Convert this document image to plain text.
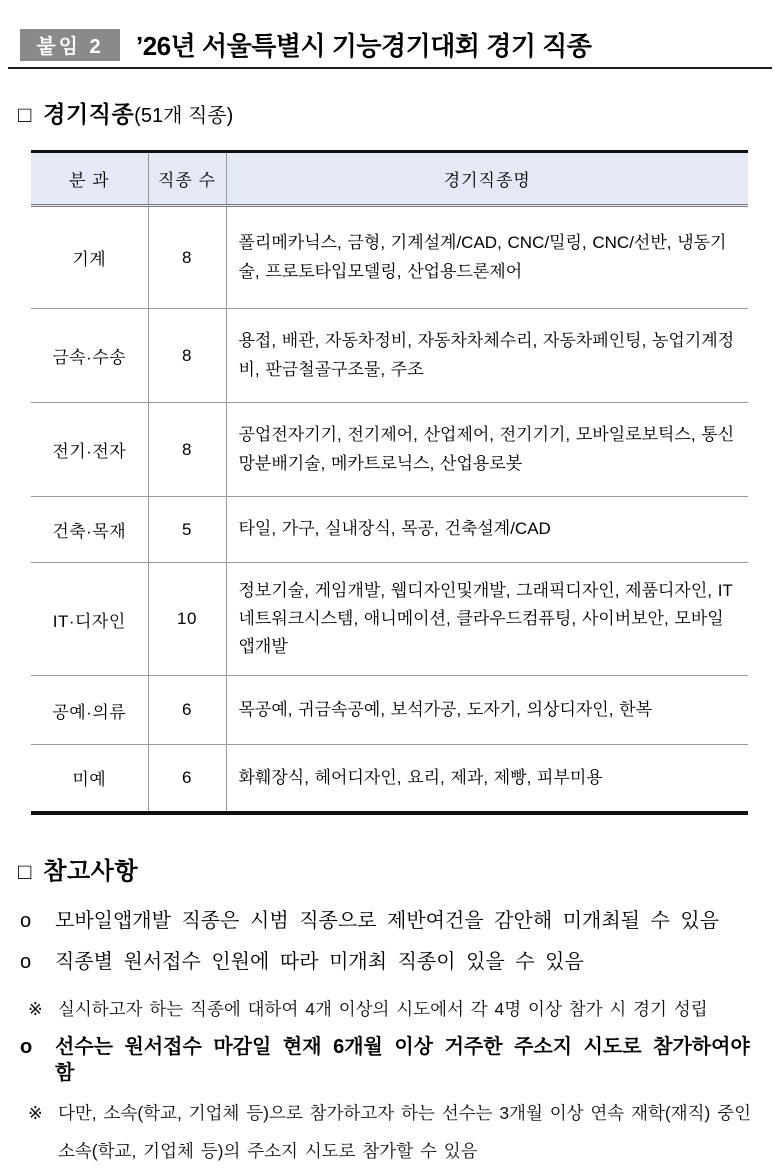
붙임 2	’26년 서울특별시 기능경기대회 경기 직종
□ 경기직종 (51개 직종)
분 과	직종 수	경기직종명
기계	8	폴리메카닉스, 금형, 기계설계/CAD, CNC/밀링, CNC/선반, 냉동기술, 프로토타입모델링, 산업용드론제어
금속·수송	8	용접, 배관, 자동차정비, 자동차차체수리, 자동차페인팅, 농업기계정비, 판금철골구조물, 주조
전기·전자	8	공업전자기기, 전기제어, 산업제어, 전기기기, 모바일로보틱스, 통신망분배기술, 메카트로닉스, 산업용로봇
건축·목재	5	타일, 가구, 실내장식, 목공, 건축설계/CAD
IT·디자인	10	정보기술, 게임개발, 웹디자인및개발, 그래픽디자인, 제품디자인, IT네트워크시스템, 애니메이션, 클라우드컴퓨팅, 사이버보안, 모바일앱개발
공예·의류	6	목공예, 귀금속공예, 보석가공, 도자기, 의상디자인, 한복
미예	6	화훼장식, 헤어디자인, 요리, 제과, 제빵, 피부미용
□ 참고사항
o	모바일앱개발 직종은 시범 직종으로 제반여건을 감안해 미개최될 수 있음
o	직종별 원서접수 인원에 따라 미개최 직종이 있을 수 있음
※ 실시하고자 하는 직종에 대하여 4개 이상의 시도에서 각 4명 이상 참가 시 경기 성립
o	선수는 원서접수 마감일 현재 6개월 이상 거주한 주소지 시도로 참가하여야 함
※ 다만, 소속(학교, 기업체 등)으로 참가하고자 하는 선수는 3개월 이상 연속 재학(재직) 중인 소속(학교, 기업체 등)의 주소지 시도로 참가할 수 있음
